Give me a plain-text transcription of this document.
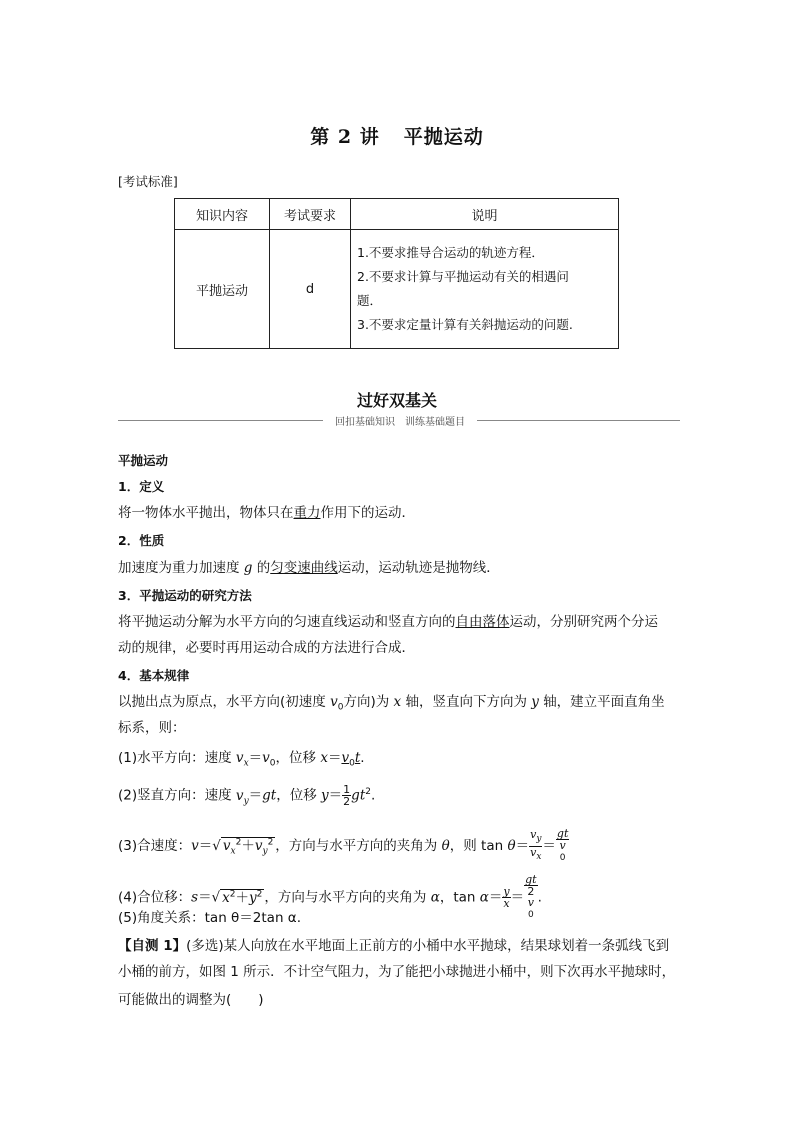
第 2 讲 平抛运动
[考试标准]
知识内容	考试要求	说明
平抛运动	d	1.不要求推导合运动的轨迹方程．
2.不要求计算与平抛运动有关的相遇问
题．
3.不要求定量计算有关斜抛运动的问题.
过好双基关
回扣基础知识　训练基础题目
平抛运动
1．定义
将一物体水平抛出，物体只在重力作用下的运动．
2．性质
加速度为重力加速度 g 的匀变速曲线运动，运动轨迹是抛物线．
3．平抛运动的研究方法
将平抛运动分解为水平方向的匀速直线运动和竖直方向的自由落体运动，分别研究两个分运
动的规律，必要时再用运动合成的方法进行合成．
4．基本规律
以抛出点为原点，水平方向(初速度 $v_0$方向)为 x 轴，竖直向下方向为 y 轴，建立平面直角坐
标系，则：
(1)水平方向：速度 $v_x=v_0$，位移 $x=v_0t$.
(2)竖直方向：速度 $v_y=gt$，位移 $y= \frac{1}{2} gt^2$.
(3)合速度：v＝√ $v_x^2+v_y^2$ ，方向与水平方向的夹角为 θ，则 $\tan \theta= \frac{v_y}{v_x}$ ＝
gt
v
0
(4)合位移：s＝√ $x^2+y^2$ ，方向与水平方向的夹角为 α，$\tan \alpha= \frac{y}{x}$ ＝ gt
2
v
0 .
(5)角度关系：tan θ＝2tan α.
【自测 1】(多选)某人向放在水平地面上正前方的小桶中水平抛球，结果球划着一条弧线飞到
小桶的前方，如图 1 所示．不计空气阻力，为了能把小球抛进小桶中，则下次再水平抛球时，
可能做出的调整为(　　)
